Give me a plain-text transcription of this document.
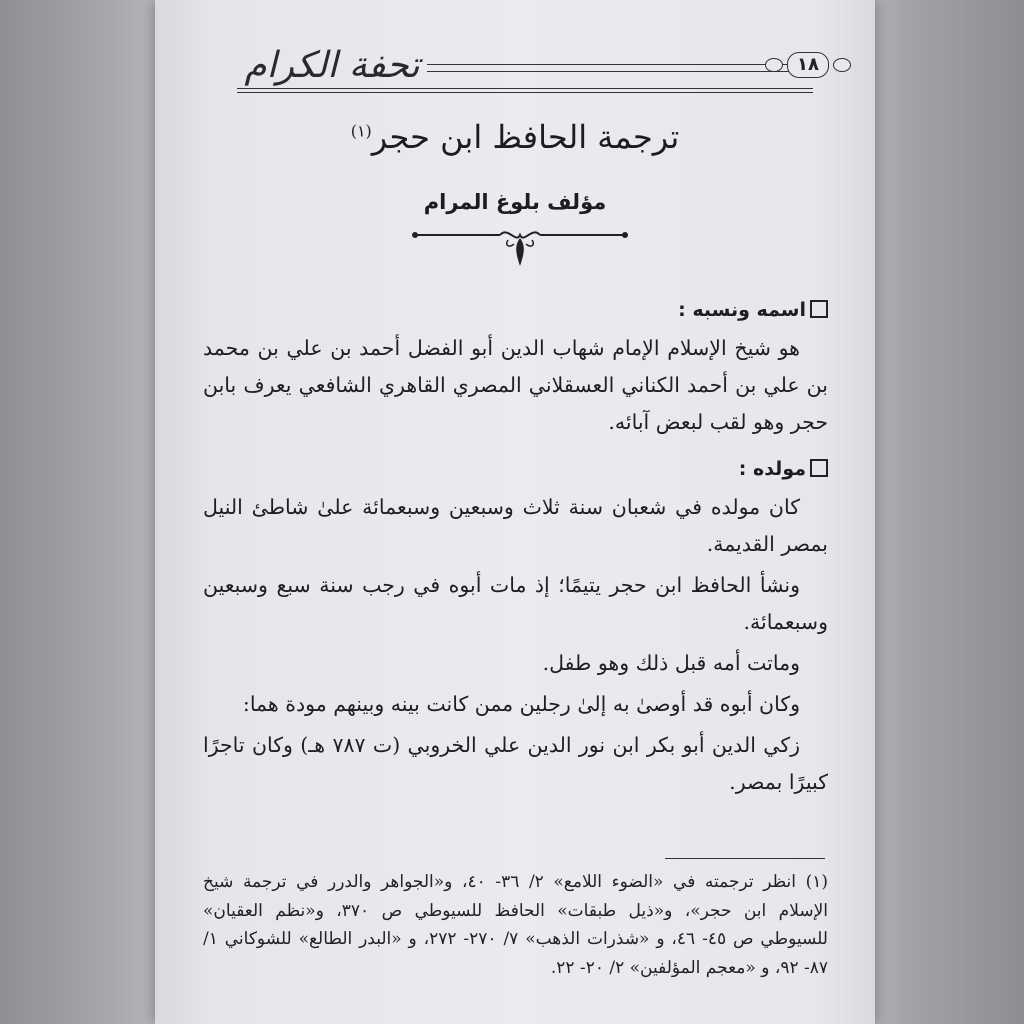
تحفة الكرام	١٨
ترجمة الحافظ ابن حجر$^{(١)}$
مؤلف بلوغ المرام
اسمه ونسبه :

هو شيخ الإسلام الإمام شهاب الدين أبو الفضل أحمد بن علي بن محمد بن علي بن أحمد الكناني العسقلاني المصري القاهري الشافعي يعرف بابن حجر وهو لقب لبعض آبائه.

مولده :

كان مولده في شعبان سنة ثلاث وسبعين وسبعمائة علىٰ شاطئ النيل بمصر القديمة.

ونشأ الحافظ ابن حجر يتيمًا؛ إذ مات أبوه في رجب سنة سبع وسبعين وسبعمائة.

وماتت أمه قبل ذلك وهو طفل.

وكان أبوه قد أوصىٰ به إلىٰ رجلين ممن كانت بينه وبينهم مودة هما:

زكي الدين أبو بكر ابن نور الدين علي الخروبي (ت ٧٨٧ هـ) وكان تاجرًا كبيرًا بمصر.

(١) انظر ترجمته في «الضوء اللامع» ٢/ ٣٦- ٤٠، و«الجواهر والدرر في ترجمة شيخ الإسلام ابن حجر»، و«ذيل طبقات» الحافظ للسيوطي ص ٣٧٠، و«نظم العقيان» للسيوطي ص ٤٥- ٤٦، و «شذرات الذهب» ٧/ ٢٧٠- ٢٧٢، و «البدر الطالع» للشوكاني ١/ ٨٧- ٩٢، و «معجم المؤلفين» ٢/ ٢٠- ٢٢.
